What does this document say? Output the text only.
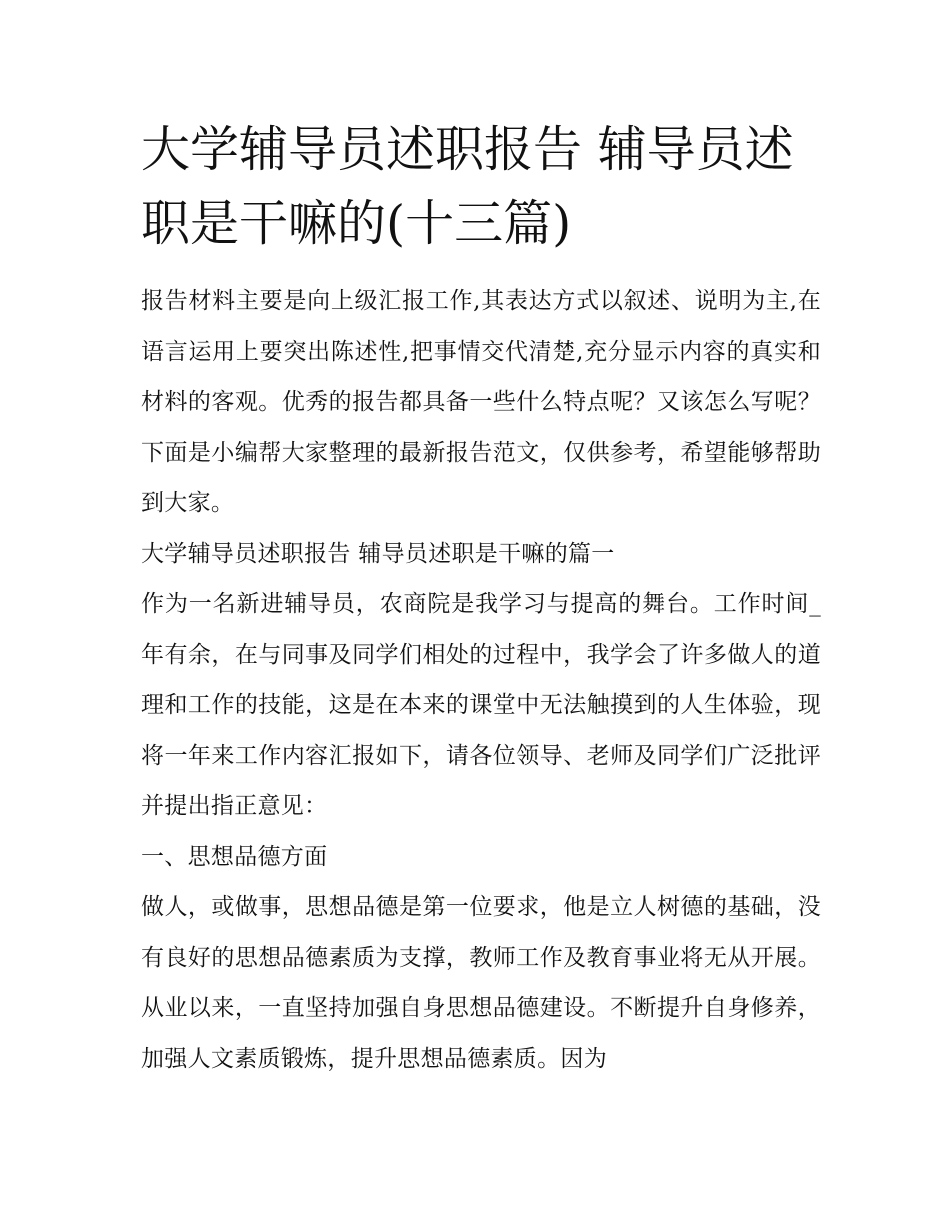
大学辅导员述职报告 辅导员述职是干嘛的(十三篇)

报告材料主要是向上级汇报工作,其表达方式以叙述、说明为主,在语言运用上要突出陈述性,把事情交代清楚,充分显示内容的真实和材料的客观。优秀的报告都具备一些什么特点呢？又该怎么写呢？下面是小编帮大家整理的最新报告范文，仅供参考，希望能够帮助到大家。

大学辅导员述职报告 辅导员述职是干嘛的篇一

作为一名新进辅导员，农商院是我学习与提高的舞台。工作时间_年有余，在与同事及同学们相处的过程中，我学会了许多做人的道理和工作的技能，这是在本来的课堂中无法触摸到的人生体验，现将一年来工作内容汇报如下，请各位领导、老师及同学们广泛批评并提出指正意见：

一、思想品德方面

做人，或做事，思想品德是第一位要求，他是立人树德的基础，没有良好的思想品德素质为支撑，教师工作及教育事业将无从开展。从业以来，一直坚持加强自身思想品德建设。不断提升自身修养，加强人文素质锻炼，提升思想品德素质。因为
